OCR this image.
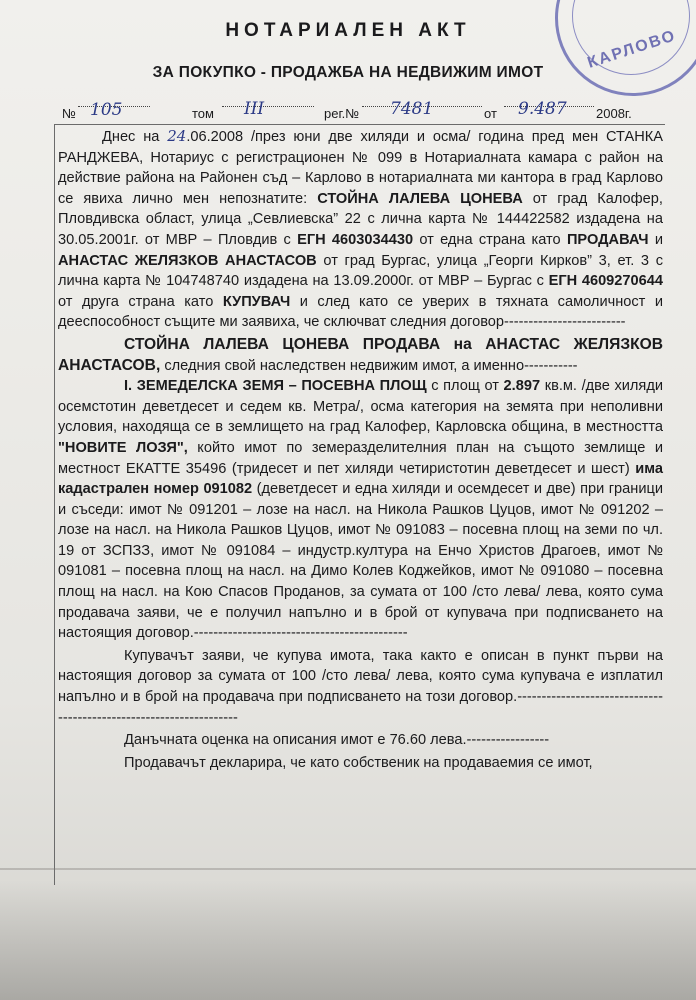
КАРЛОВО
НОТАРИАЛЕН АКТ
ЗА ПОКУПКО - ПРОДАЖБА НА НЕДВИЖИМ ИМОТ
№ 105	том III	рег.№ 7481	от 9.487 2008г.

Днес на 24.06.2008 /през юни две хиляди и осма/ година пред мен СТАНКА РАНДЖЕВА, Нотариус с регистрационен № 099 в Нотариалната камара с район на действие района на Районен съд – Карлово в нотариалната ми кантора в град Карлово се явиха лично мен непознатите: СТОЙНА ЛАЛЕВА ЦОНЕВА от град Калофер, Пловдивска област, улица „Севлиевска” 22 с лична карта № 144422582 издадена на 30.05.2001г. от МВР – Пловдив с ЕГН 4603034430 от една страна като ПРОДАВАЧ и АНАСТАС ЖЕЛЯЗКОВ АНАСТАСОВ от град Бургас, улица „Георги Кирков” 3, ет. 3 с лична карта № 104748740 издадена на 13.09.2000г. от МВР – Бургас с ЕГН 4609270644 от друга страна като КУПУВАЧ и след като се уверих в тяхната самоличност и дееспособност същите ми заявиха, че сключват следния договор-------------------------

СТОЙНА ЛАЛЕВА ЦОНЕВА ПРОДАВА на АНАСТАС ЖЕЛЯЗКОВ АНАСТАСОВ, следния свой наследствен недвижим имот, а именно-----------

I. ЗЕМЕДЕЛСКА ЗЕМЯ – ПОСЕВНА ПЛОЩ с площ от 2.897 кв.м. /две хиляди осемстотин деветдесет и седем кв. Метра/, осма категория на земята при неполивни условия, находяща се в землището на град Калофер, Карловска община, в местността "НОВИТЕ ЛОЗЯ", който имот по земеразделителния план на същото землище и местност ЕКАТТЕ 35496 (тридесет и пет хиляди четиристотин деветдесет и шест) има кадастрален номер 091082 (деветдесет и една хиляди и осемдесет и две) при граници и съседи: имот № 091201 – лозе на насл. на Никола Рашков Цуцов, имот № 091202 – лозе на насл. на Никола Рашков Цуцов, имот № 091083 – посевна площ на земи по чл. 19 от ЗСПЗЗ, имот № 091084 – индустр.култура на Енчо Христов Драгоев, имот № 091081 – посевна площ на насл. на Димо Колев Коджейков, имот № 091080 – посевна площ на насл. на Кою Спасов Проданов, за сумата от 100 /сто лева/ лева, която сума продавача заяви, че е получил напълно и в брой от купувача при подписването на настоящия договор.--------------------------------------------

Купувачът заяви, че купува имота, така както е описан в пункт първи на настоящия договор за сумата от 100 /сто лева/ лева, която сума купувача е изплатил напълно и в брой на продавача при подписването на този договор.-------------------------------------------------------------------

Данъчната оценка на описания имот е 76.60 лева.-----------------

Продавачът декларира, че като собственик на продаваемия се имот,
